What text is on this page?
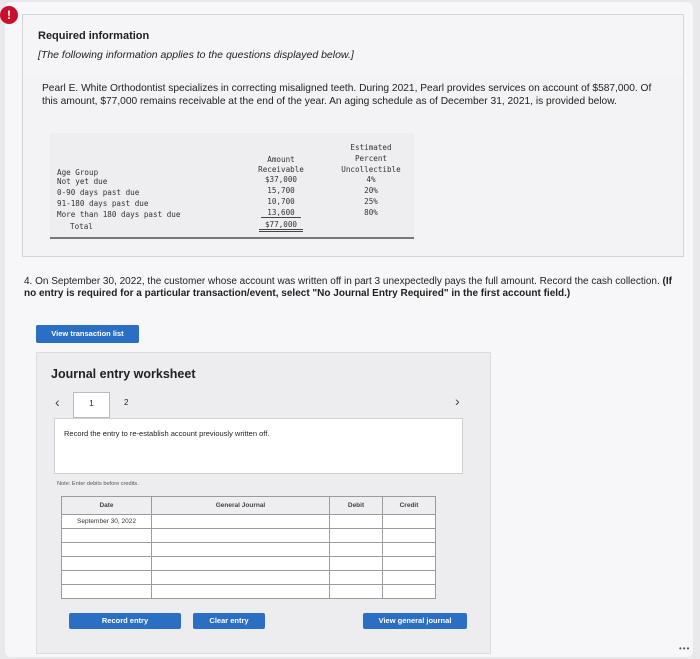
!
Required information
[The following information applies to the questions displayed below.]
Pearl E. White Orthodontist specializes in correcting misaligned teeth. During 2021, Pearl provides services on account of $587,000. Of this amount, $77,000 remains receivable at the end of the year. An aging schedule as of December 31, 2021, is provided below.
Amount
Receivable
Estimated
Percent
Uncollectible
Age Group
Not yet due	$37,000	4%
0-90 days past due	15,700	20%
91-180 days past due	10,700	25%
More than 180 days past due	13,600	80%
Total	$77,000
4. On September 30, 2022, the customer whose account was written off in part 3 unexpectedly pays the full amount. Record the cash collection. (If no entry is required for a particular transaction/event, select "No Journal Entry Required" in the first account field.)
View transaction list
Journal entry worksheet
‹	1	2	›
Record the entry to re-establish account previously written off.
Note: Enter debits before credits.
Date	General Journal	Debit	Credit
September 30, 2022			

Record entry	Clear entry	View general journal
•••
